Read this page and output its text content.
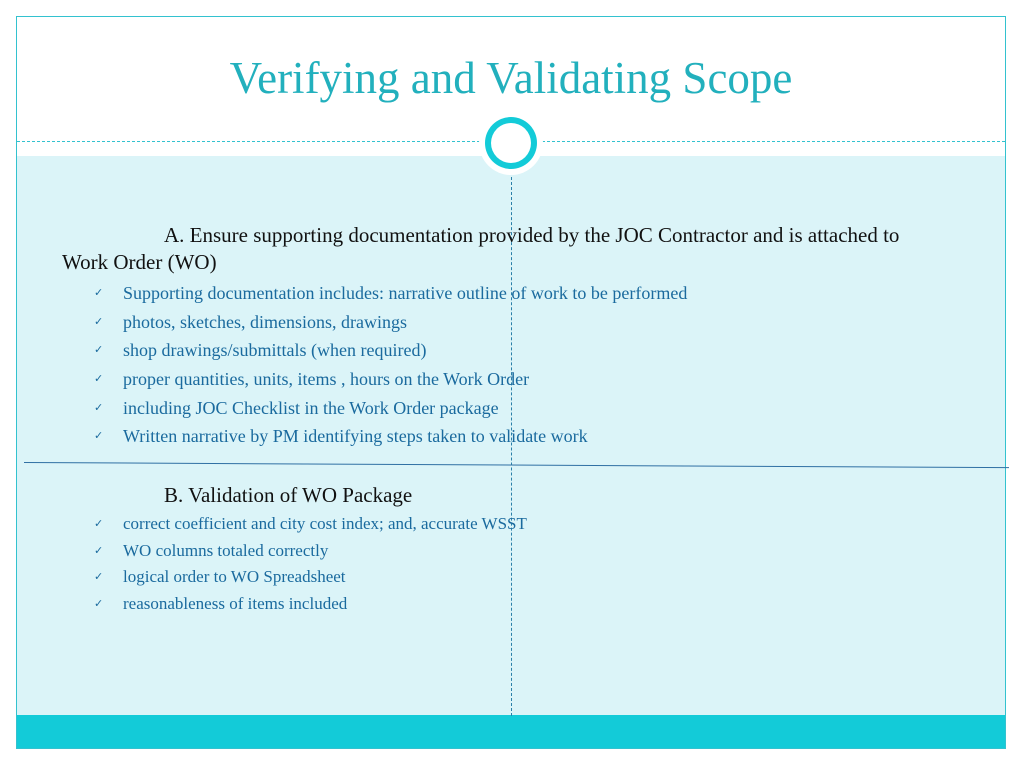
Verifying and Validating Scope
A. Ensure supporting documentation provided by the JOC Contractor and is attached to Work Order (WO)
✓ Supporting documentation includes: narrative outline of work to be performed
✓ photos, sketches, dimensions, drawings
✓ shop drawings/submittals (when required)
✓ proper quantities, units, items , hours on the Work Order
✓ including JOC Checklist in the Work Order package
✓ Written narrative by PM identifying steps taken to validate work
B. Validation of WO Package
✓ correct coefficient and city cost index; and, accurate WSST
✓ WO columns totaled correctly
✓ logical order to WO Spreadsheet
✓ reasonableness of items included
